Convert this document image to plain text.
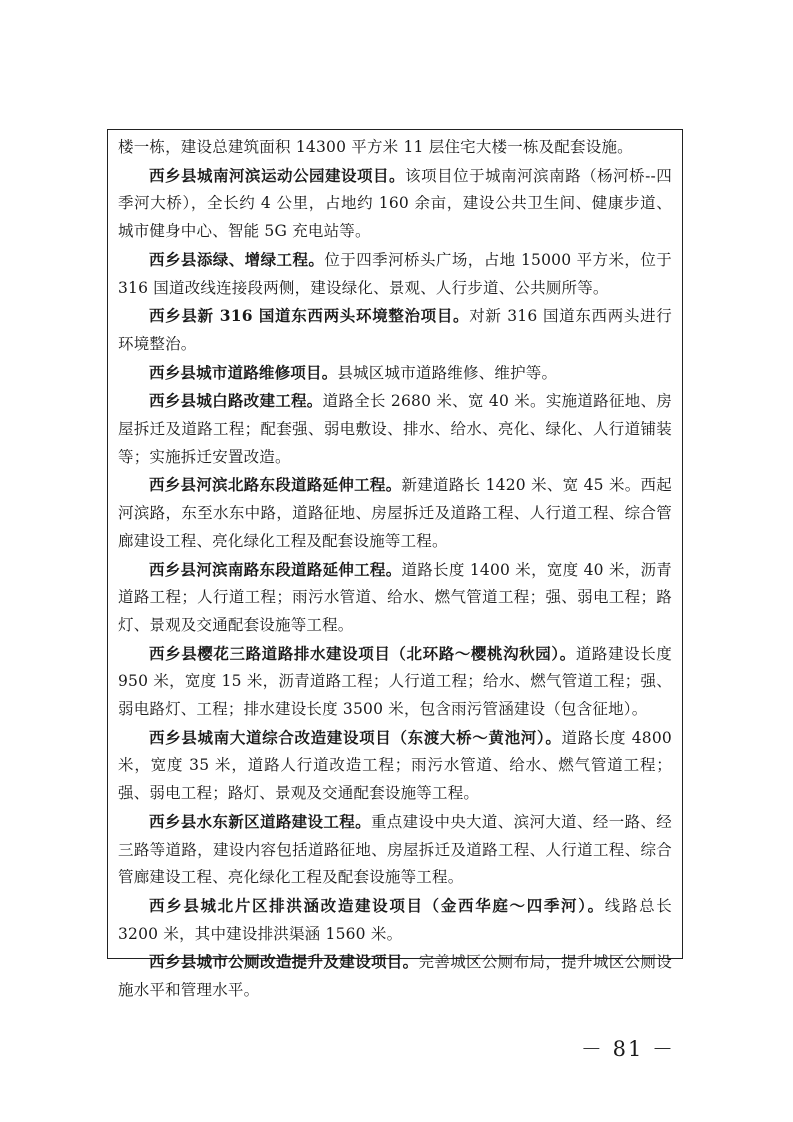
楼一栋，建设总建筑面积 14300 平方米 11 层住宅大楼一栋及配套设施。

西乡县城南河滨运动公园建设项目。该项目位于城南河滨南路（杨河桥--四季河大桥），全长约 4 公里，占地约 160 余亩，建设公共卫生间、健康步道、城市健身中心、智能 5G 充电站等。

西乡县添绿、增绿工程。位于四季河桥头广场，占地 15000 平方米，位于 316 国道改线连接段两侧，建设绿化、景观、人行步道、公共厕所等。

西乡县新 316 国道东西两头环境整治项目。对新 316 国道东西两头进行环境整治。

西乡县城市道路维修项目。县城区城市道路维修、维护等。

西乡县城白路改建工程。道路全长 2680 米、宽 40 米。实施道路征地、房屋拆迁及道路工程；配套强、弱电敷设、排水、给水、亮化、绿化、人行道铺装等；实施拆迁安置改造。

西乡县河滨北路东段道路延伸工程。新建道路长 1420 米、宽 45 米。西起河滨路，东至水东中路，道路征地、房屋拆迁及道路工程、人行道工程、综合管廊建设工程、亮化绿化工程及配套设施等工程。

西乡县河滨南路东段道路延伸工程。道路长度 1400 米，宽度 40 米，沥青道路工程；人行道工程；雨污水管道、给水、燃气管道工程；强、弱电工程；路灯、景观及交通配套设施等工程。

西乡县樱花三路道路排水建设项目（北环路～樱桃沟秋园）。道路建设长度 950 米，宽度 15 米，沥青道路工程；人行道工程；给水、燃气管道工程；强、弱电路灯、工程；排水建设长度 3500 米，包含雨污管涵建设（包含征地）。

西乡县城南大道综合改造建设项目（东渡大桥～黄池河）。道路长度 4800 米，宽度 35 米，道路人行道改造工程；雨污水管道、给水、燃气管道工程；强、弱电工程；路灯、景观及交通配套设施等工程。

西乡县水东新区道路建设工程。重点建设中央大道、滨河大道、经一路、经三路等道路，建设内容包括道路征地、房屋拆迁及道路工程、人行道工程、综合管廊建设工程、亮化绿化工程及配套设施等工程。

西乡县城北片区排洪涵改造建设项目（金西华庭～四季河）。线路总长 3200 米，其中建设排洪渠涵 1560 米。

西乡县城市公厕改造提升及建设项目。完善城区公厕布局，提升城区公厕设施水平和管理水平。

－ 81 －
